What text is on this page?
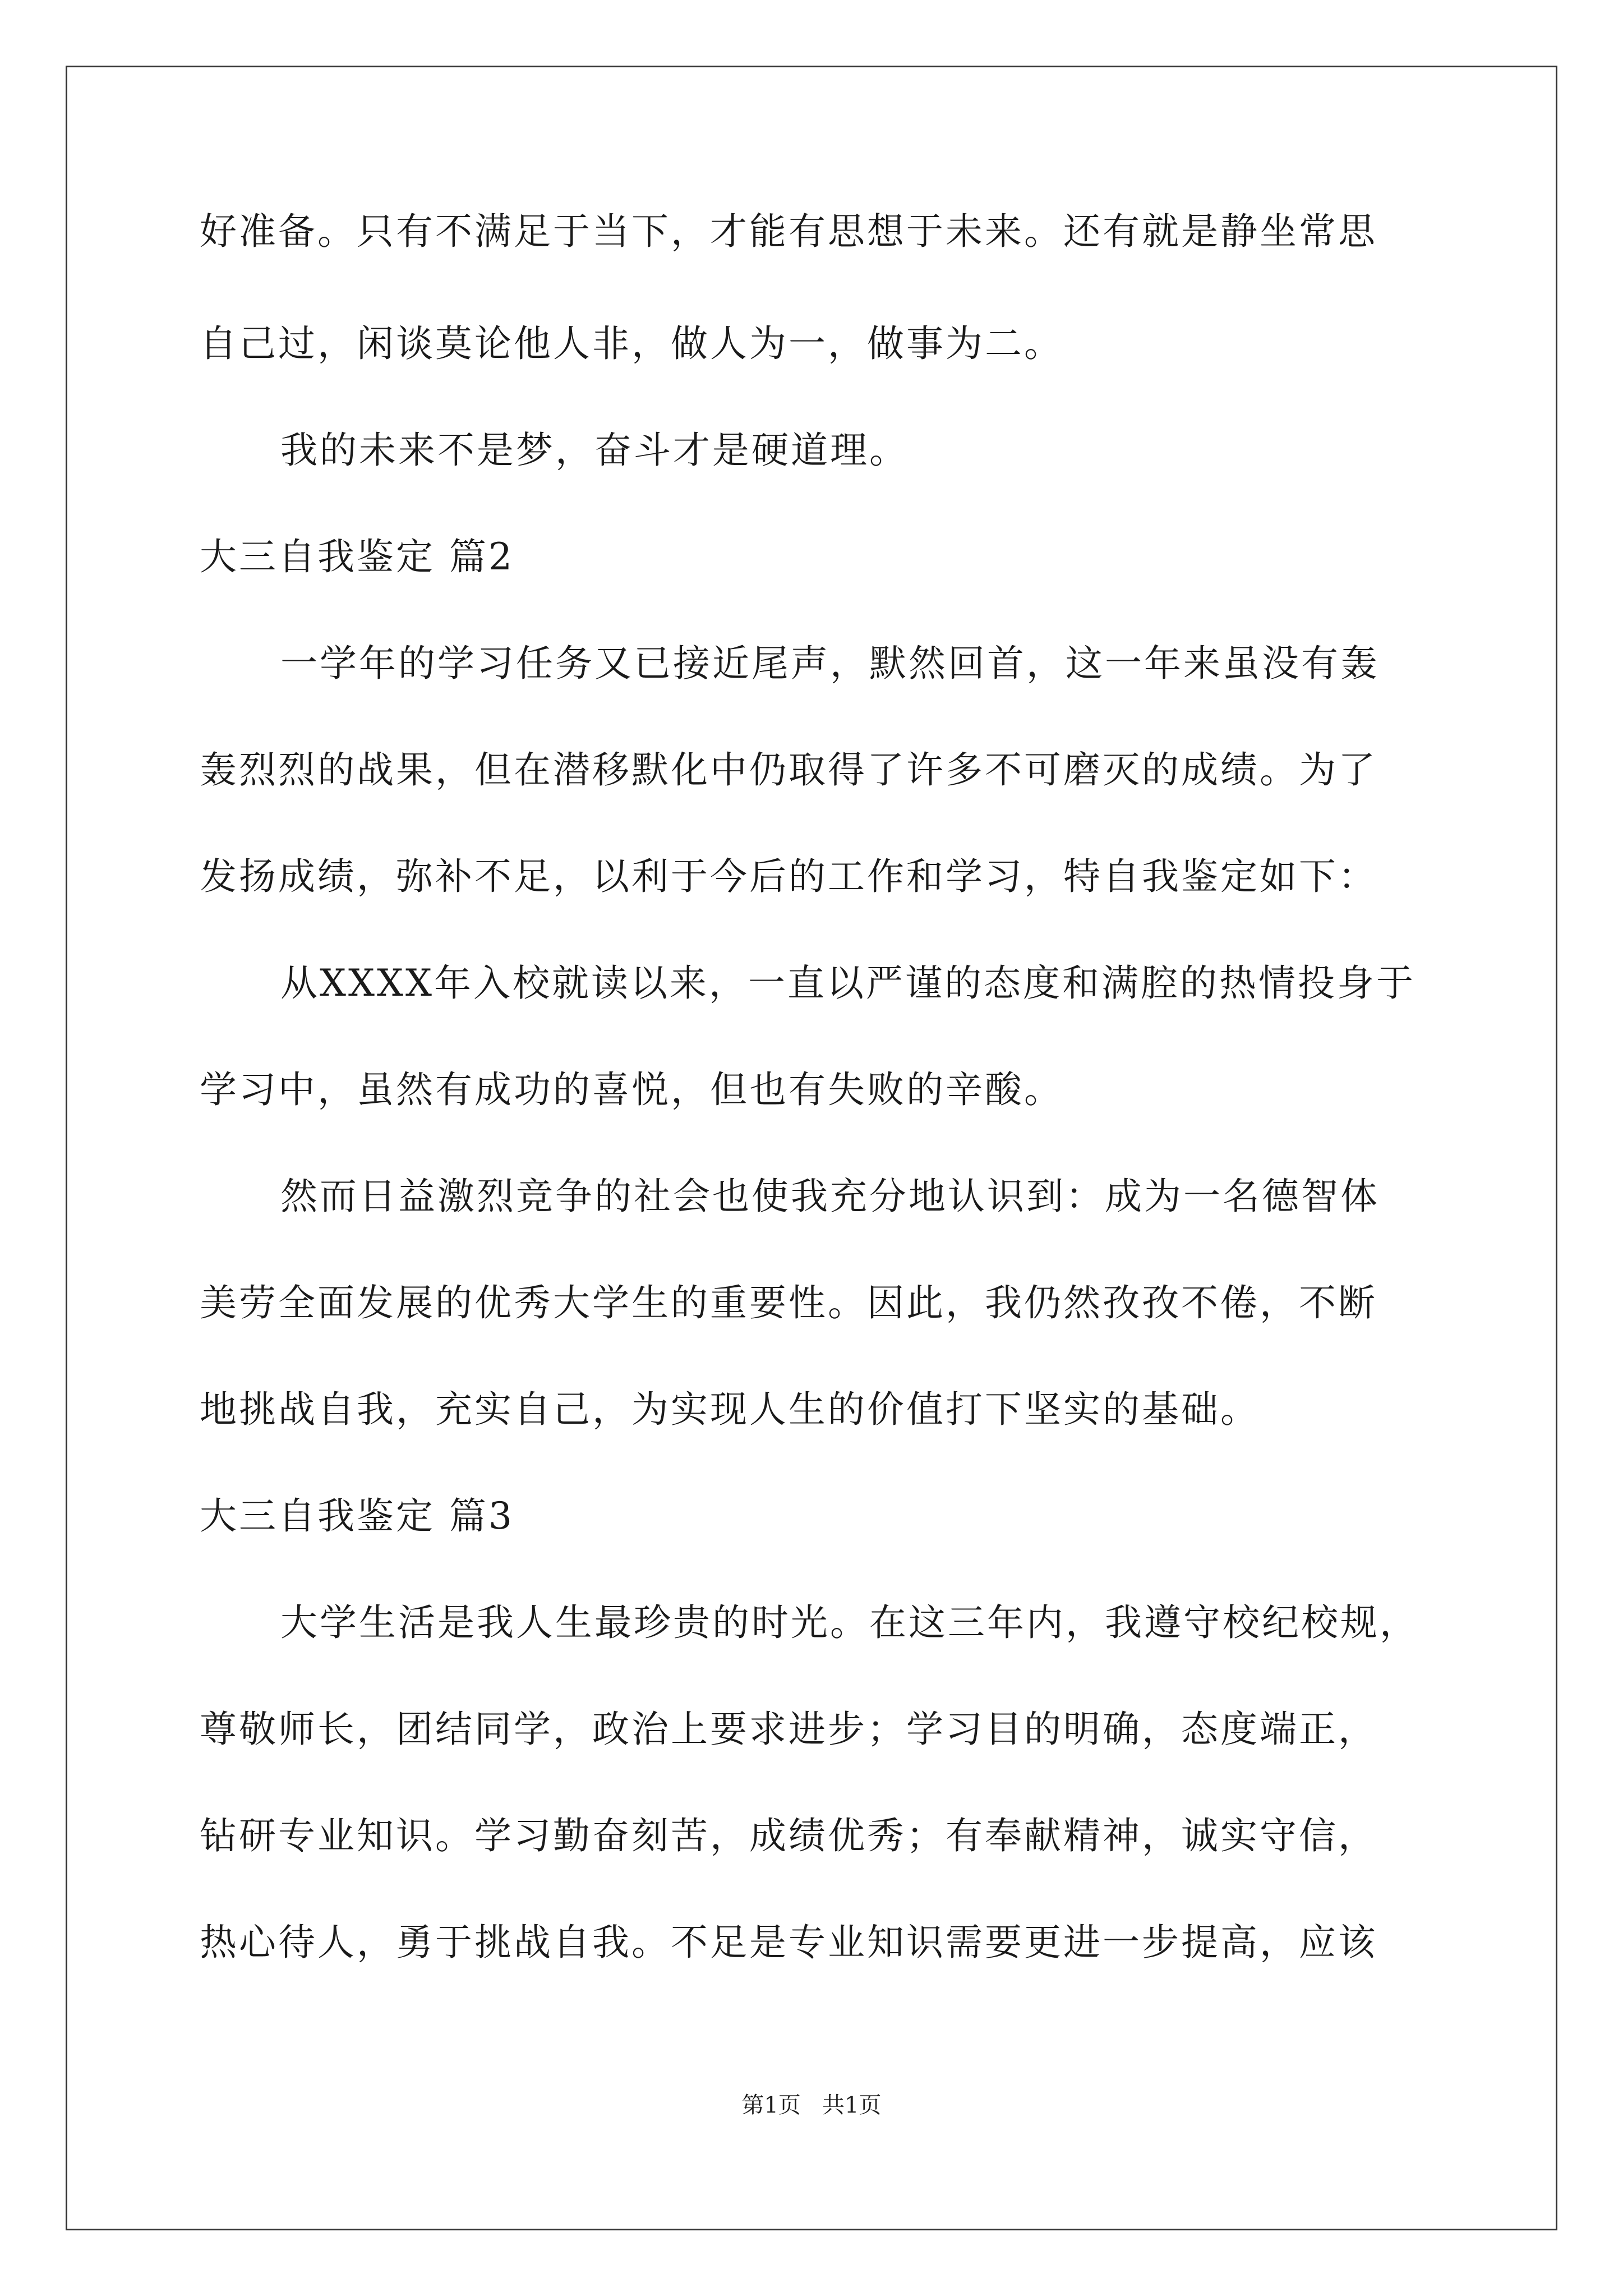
好准备。只有不满足于当下，才能有思想于未来。还有就是静坐常思

自己过，闲谈莫论他人非，做人为一，做事为二。

我的未来不是梦，奋斗才是硬道理。

大三自我鉴定 篇2

一学年的学习任务又已接近尾声，默然回首，这一年来虽没有轰

轰烈烈的战果，但在潜移默化中仍取得了许多不可磨灭的成绩。为了

发扬成绩，弥补不足，以利于今后的工作和学习，特自我鉴定如下：

从XXXX年入校就读以来，一直以严谨的态度和满腔的热情投身于

学习中，虽然有成功的喜悦，但也有失败的辛酸。

然而日益激烈竞争的社会也使我充分地认识到：成为一名德智体

美劳全面发展的优秀大学生的重要性。因此，我仍然孜孜不倦，不断

地挑战自我，充实自己，为实现人生的价值打下坚实的基础。

大三自我鉴定 篇3

大学生活是我人生最珍贵的时光。在这三年内，我遵守校纪校规，

尊敬师长，团结同学，政治上要求进步；学习目的明确，态度端正，

钻研专业知识。学习勤奋刻苦，成绩优秀；有奉献精神，诚实守信，

热心待人，勇于挑战自我。不足是专业知识需要更进一步提高，应该

第1页   共1页
